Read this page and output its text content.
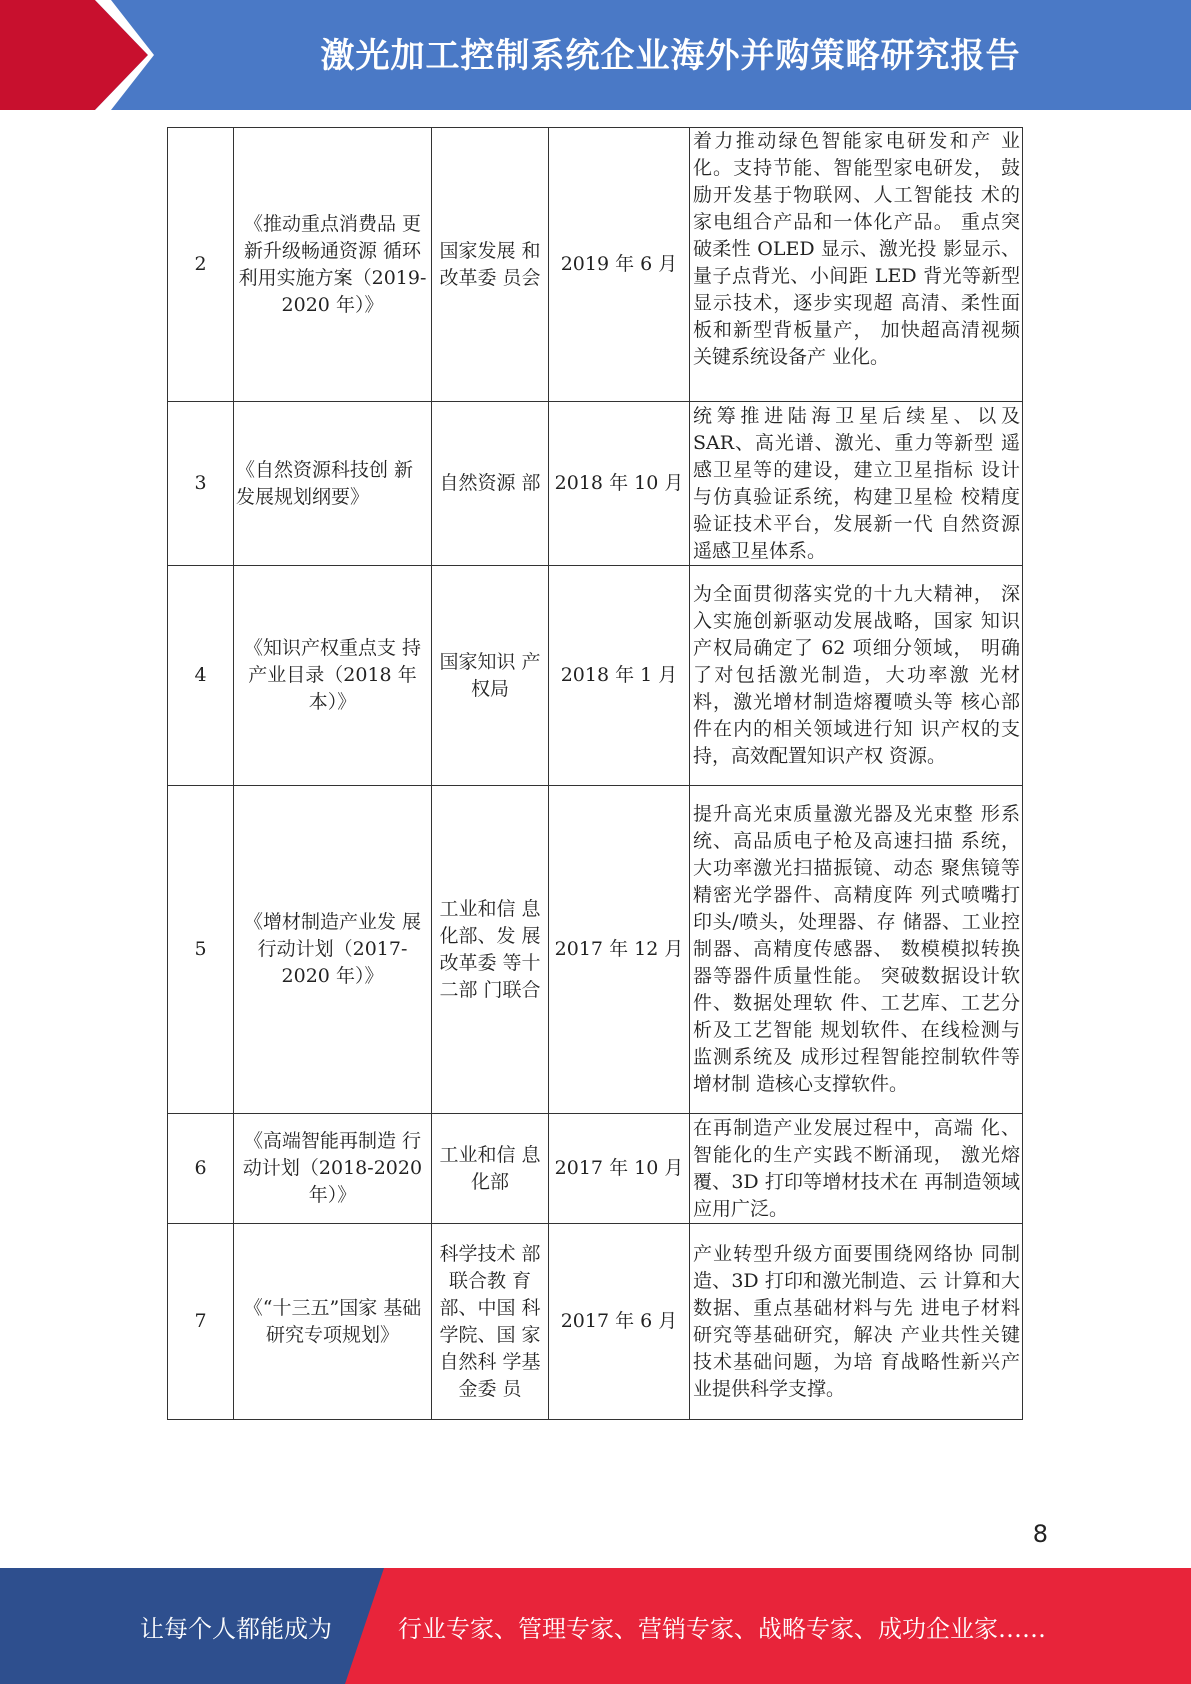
激光加工控制系统企业海外并购策略研究报告
2	《推动重点消费品 更新升级畅通资源 循环利用实施方案（2019-2020 年）》	国家发展 和改革委 员会	2019 年 6 月	着力推动绿色智能家电研发和产 业化。支持节能、智能型家电研发， 鼓励开发基于物联网、人工智能技 术的家电组合产品和一体化产品。 重点突破柔性 OLED 显示、激光投 影显示、量子点背光、小间距 LED 背光等新型显示技术，逐步实现超 高清、柔性面板和新型背板量产， 加快超高清视频关键系统设备产 业化。
3	《自然资源科技创 新发展规划纲要》	自然资源 部	2018 年 10 月	统筹推进陆海卫星后续星、以及 SAR、高光谱、激光、重力等新型 遥感卫星等的建设，建立卫星指标 设计与仿真验证系统，构建卫星检 校精度验证技术平台，发展新一代 自然资源遥感卫星体系。
4	《知识产权重点支 持产业目录（2018 年本）》	国家知识 产权局	2018 年 1 月	为全面贯彻落实党的十九大精神， 深入实施创新驱动发展战略，国家 知识产权局确定了 62 项细分领域， 明确了对包括激光制造，大功率激 光材料，激光增材制造熔覆喷头等 核心部件在内的相关领域进行知 识产权的支持，高效配置知识产权 资源。
5	《增材制造产业发 展行动计划（2017-2020 年）》	工业和信 息化部、发 展改革委 等十二部 门联合	2017 年 12 月	提升高光束质量激光器及光束整 形系统、高品质电子枪及高速扫描 系统，大功率激光扫描振镜、动态 聚焦镜等精密光学器件、高精度阵 列式喷嘴打印头/喷头，处理器、存 储器、工业控制器、高精度传感器、 数模模拟转换器等器件质量性能。 突破数据设计软件、数据处理软 件、工艺库、工艺分析及工艺智能 规划软件、在线检测与监测系统及 成形过程智能控制软件等增材制 造核心支撑软件。
6	《高端智能再制造 行动计划（2018-2020 年）》	工业和信 息化部	2017 年 10 月	在再制造产业发展过程中，高端 化、智能化的生产实践不断涌现， 激光熔覆、3D 打印等增材技术在 再制造领域应用广泛。
7	《“十三五”国家 基础研究专项规划》	科学技术 部联合教 育部、中国 科学院、国 家自然科 学基金委 员	2017 年 6 月	产业转型升级方面要围绕网络协 同制造、3D 打印和激光制造、云 计算和大数据、重点基础材料与先 进电子材料研究等基础研究，解决 产业共性关键技术基础问题，为培 育战略性新兴产业提供科学支撑。
8
让每个人都能成为	行业专家、管理专家、营销专家、战略专家、成功企业家……
